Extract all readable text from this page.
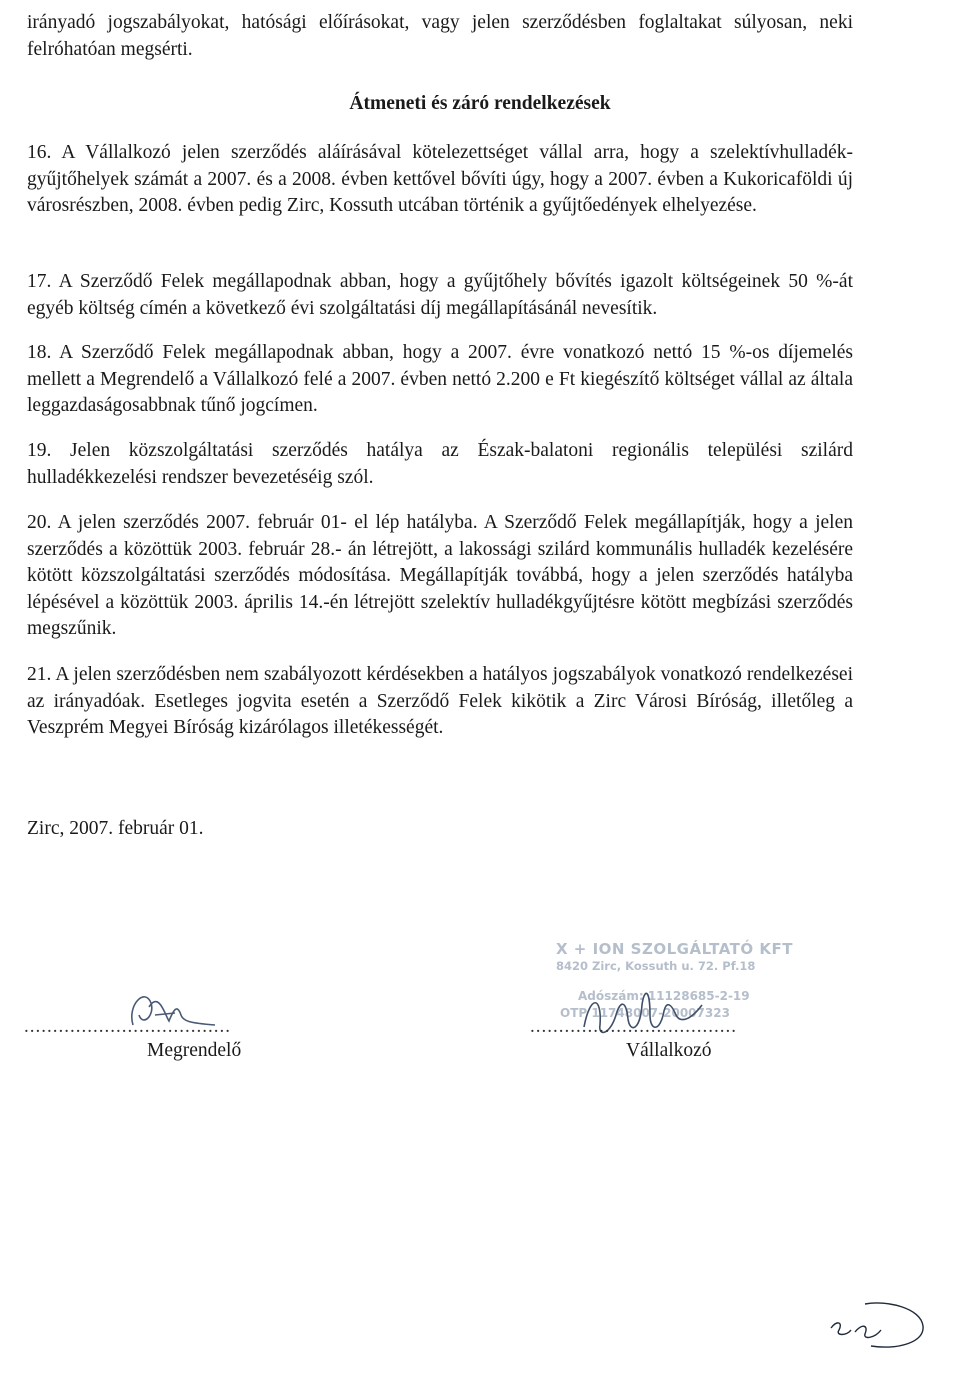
irányadó jogszabályokat, hatósági előírásokat, vagy jelen szerződésben foglaltakat súlyosan, neki felróhatóan megsérti.

Átmeneti és záró rendelkezések

16. A Vállalkozó jelen szerződés aláírásával kötelezettséget vállal arra, hogy a szelektívhulladék-gyűjtőhelyek számát a 2007. és a 2008. évben kettővel bővíti úgy, hogy a 2007. évben a Kukoricaföldi új városrészben, 2008. évben pedig Zirc, Kossuth utcában történik a gyűjtőedények elhelyezése.

17. A Szerződő Felek megállapodnak abban, hogy a gyűjtőhely bővítés igazolt költségeinek 50 %-át egyéb költség címén a következő évi szolgáltatási díj megállapításánál nevesítik.

18. A Szerződő Felek megállapodnak abban, hogy a 2007. évre vonatkozó nettó 15 %-os díjemelés mellett a Megrendelő a Vállalkozó felé a 2007. évben nettó 2.200 e Ft kiegészítő költséget vállal az általa leggazdaságosabbnak tűnő jogcímen.

19. Jelen közszolgáltatási szerződés hatálya az Észak-balatoni regionális települési szilárd hulladékkezelési rendszer bevezetéséig szól.

20. A jelen szerződés 2007. február 01- el lép hatályba. A Szerződő Felek megállapítják, hogy a jelen szerződés a közöttük 2003. február 28.- án létrejött, a lakossági szilárd kommunális hulladék kezelésére kötött közszolgáltatási szerződés módosítása. Megállapítják továbbá, hogy a jelen szerződés hatályba lépésével a közöttük 2003. április 14.-én létrejött szelektív hulladékgyűjtésre kötött megbízási szerződés megszűnik.

21. A jelen szerződésben nem szabályozott kérdésekben a hatályos jogszabályok vonatkozó rendelkezései az irányadóak. Esetleges jogvita esetén a Szerződő Felek kikötik a Zirc Városi Bíróság, illetőleg a Veszprém Megyei Bíróság kizárólagos illetékességét.

Zirc, 2007. február 01.
X + ION SZOLGÁLTATÓ KFT
8420 Zirc, Kossuth u. 72. Pf.18
Adószám: 11128685-2-19
OTP 11748007-20007323
....................................	....................................
Megrendelő	Vállalkozó
